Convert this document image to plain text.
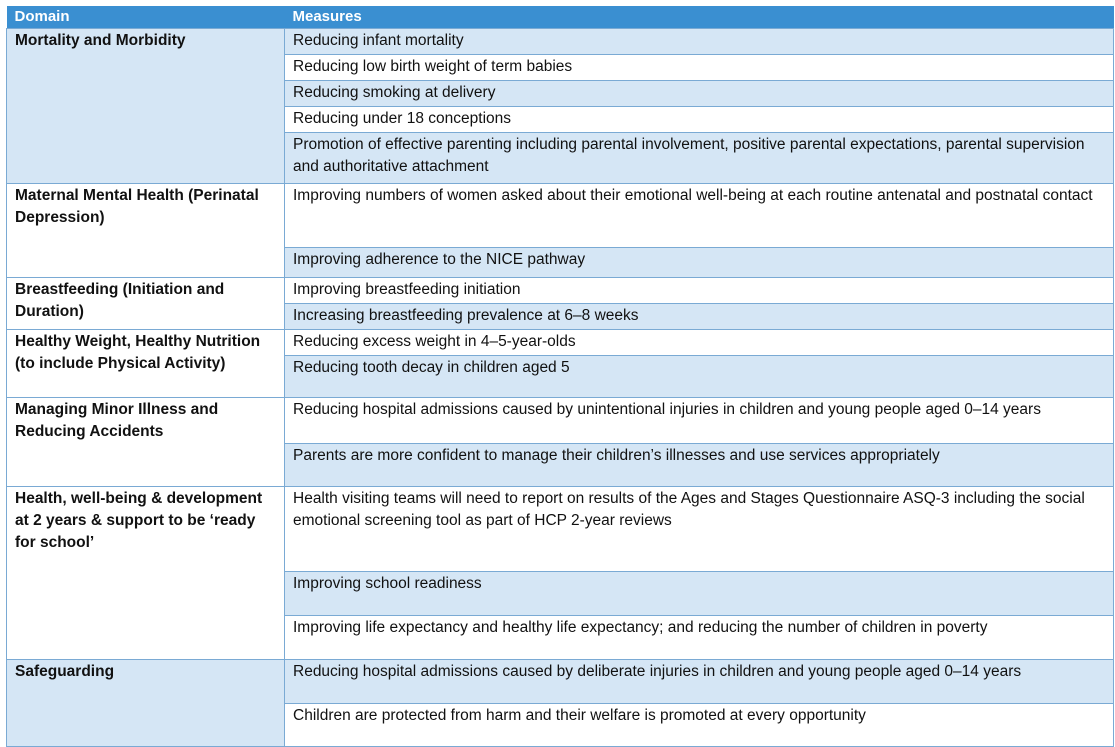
Domain	Measures
Mortality and Morbidity	Reducing infant mortality
	Reducing low birth weight of term babies
	Reducing smoking at delivery
	Reducing under 18 conceptions
	Promotion of effective parenting including parental involvement, positive parental expectations, parental supervision and authoritative attachment
Maternal Mental Health (Perinatal Depression)	Improving numbers of women asked about their emotional well-being at each routine antenatal and postnatal contact
	Improving adherence to the NICE pathway
Breastfeeding (Initiation and Duration)	Improving breastfeeding initiation
	Increasing breastfeeding prevalence at 6–8 weeks
Healthy Weight, Healthy Nutrition (to include Physical Activity)	Reducing excess weight in 4–5-year-olds
	Reducing tooth decay in children aged 5
Managing Minor Illness and Reducing Accidents	Reducing hospital admissions caused by unintentional injuries in children and young people aged 0–14 years
	Parents are more confident to manage their children’s illnesses and use services appropriately
Health, well-being & development at 2 years & support to be ‘ready for school’	Health visiting teams will need to report on results of the Ages and Stages Questionnaire ASQ-3 including the social emotional screening tool as part of HCP 2-year reviews
	Improving school readiness
	Improving life expectancy and healthy life expectancy; and reducing the number of children in poverty
Safeguarding	Reducing hospital admissions caused by deliberate injuries in children and young people aged 0–14 years
	Children are protected from harm and their welfare is promoted at every opportunity
